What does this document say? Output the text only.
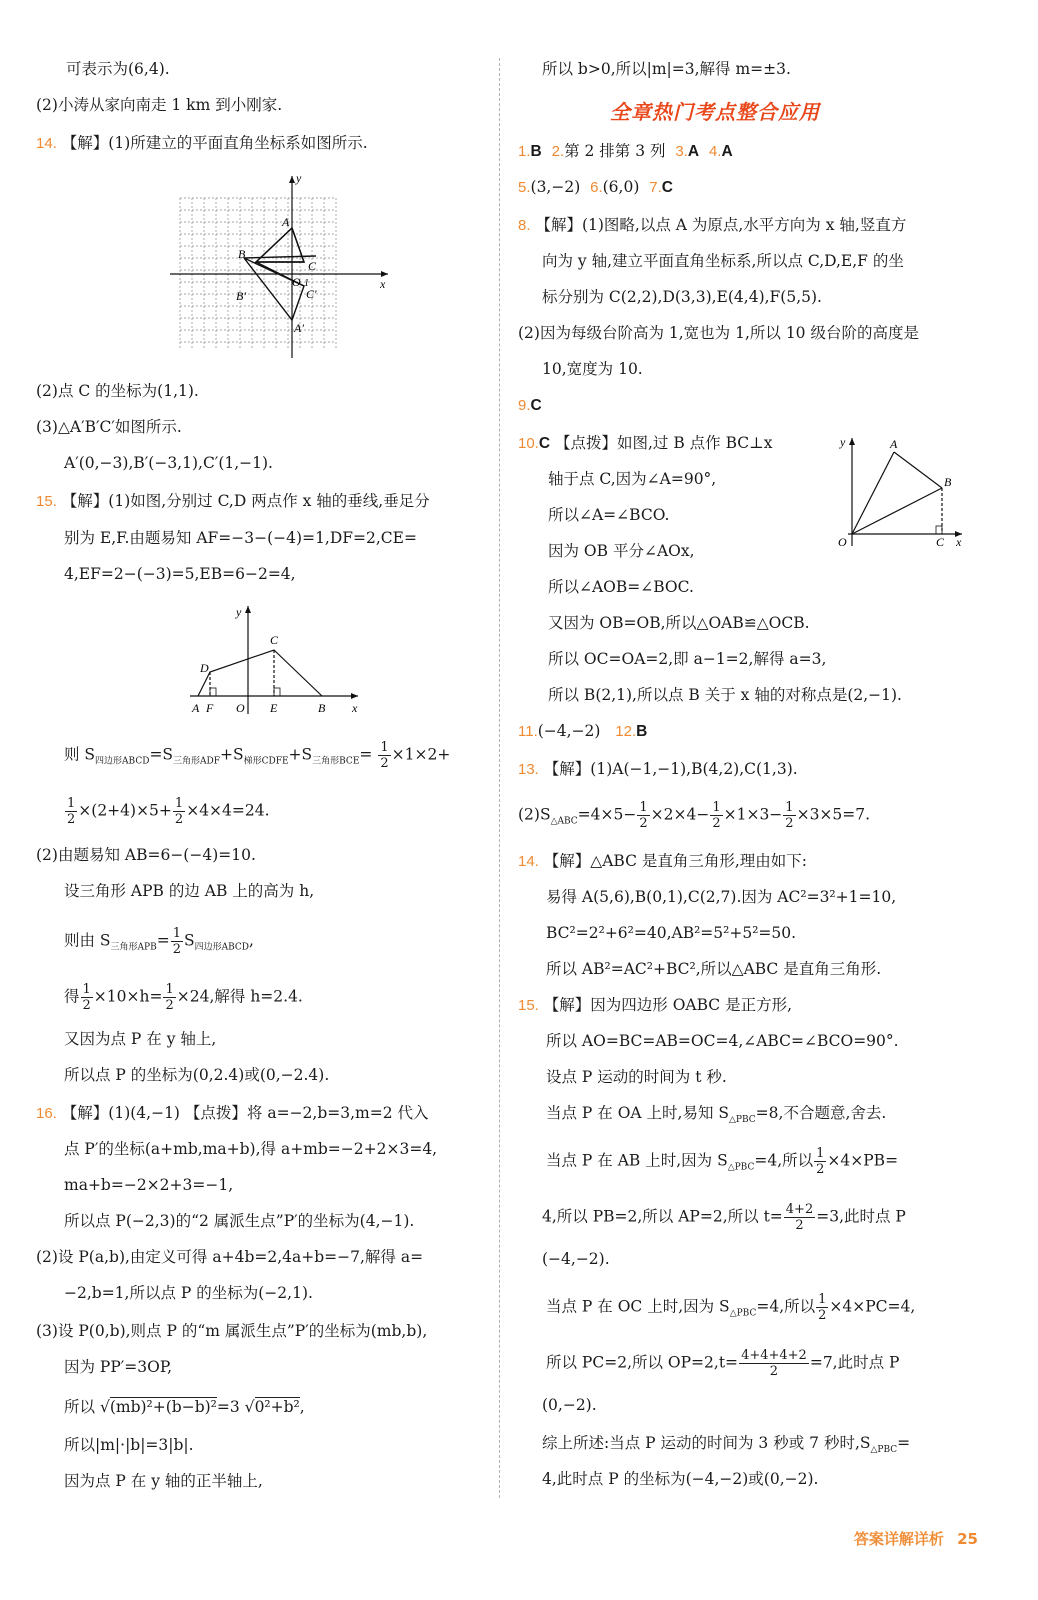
可表示为(6,4).
(2)小涛从家向南走 1 km 到小刚家.
14. 【解】(1)所建立的平面直角坐标系如图所示.
y
x
A
B
C
O
C′
B′
A′
1
(2)点 C 的坐标为(1,1).
(3)△A′B′C′如图所示.
A′(0,−3),B′(−3,1),C′(1,−1).
15. 【解】(1)如图,分别过 C,D 两点作 x 轴的垂线,垂足分
别为 E,F.由题易知 AF=−3−(−4)=1,DF=2,CE=
4,EF=2−(−3)=5,EB=6−2=4,
y
x
C
D
A F O E	B
则 $S_{四边形ABCD}=S_{三角形ADF}+S_{梯形CDFE}+S_{三角形BCE}= \frac{1}{2} \times 1\times 2+$
$\frac{1}{2} \times(2+4)\times 5+ \frac{1}{2} \times 4\times 4=24$.
(2)由题易知 AB=6−(−4)=10.
设三角形 APB 的边 AB 上的高为 h,
则由 $S_{三角形APB}= \frac{1}{2} S_{四边形ABCD}$,
得 $\frac{1}{2} \times 10\times h= \frac{1}{2} \times 24$,解得 h=2.4.
又因为点 P 在 y 轴上,
所以点 P 的坐标为(0,2.4)或(0,−2.4).
16. 【解】(1)(4,−1) 【点拨】将 a=−2,b=3,m=2 代入
点 P′的坐标(a+mb,ma+b),得 a+mb=−2+2×3=4,
ma+b=−2×2+3=−1,
所以点 P(−2,3)的“2 属派生点”P′的坐标为(4,−1).
(2)设 P(a,b),由定义可得 a+4b=2,4a+b=−7,解得 a=
−2,b=1,所以点 P 的坐标为(−2,1).
(3)设 P(0,b),则点 P 的“m 属派生点”P′的坐标为(mb,b),
因为 PP′=3OP,
所以 √(mb)²+(b−b)²=3 √0²+b²,
所以|m|·|b|=3|b|.
因为点 P 在 y 轴的正半轴上,
所以 b>0,所以|m|=3,解得 m=±3.
全章热门考点整合应用
1.B 2.第 2 排第 3 列 3.A 4.A
5.(3,−2) 6.(6,0) 7.C
8. 【解】(1)图略,以点 A 为原点,水平方向为 x 轴,竖直方
向为 y 轴,建立平面直角坐标系,所以点 C,D,E,F 的坐
标分别为 C(2,2),D(3,3),E(4,4),F(5,5).
(2)因为每级台阶高为 1,宽也为 1,所以 10 级台阶的高度是
10,宽度为 10.
9.C
10.C 【点拨】如图,过 B 点作 BC⊥x
轴于点 C,因为∠A=90°,
所以∠A=∠BCO.
因为 OB 平分∠AOx,
所以∠AOB=∠BOC.
又因为 OB=OB,所以△OAB≌△OCB.
所以 OC=OA=2,即 a−1=2,解得 a=3,
所以 B(2,1),所以点 B 关于 x 轴的对称点是(2,−1).
y
x
A
B
O	C
11.(−4,−2) 12.B
13. 【解】(1)A(−1,−1),B(4,2),C(1,3).
$(2)S_{\triangle ABC}=4\times 5- \frac{1}{2} \times 2\times 4- \frac{1}{2} \times 1\times 3- \frac{1}{2} \times 3\times 5=7$.
14. 【解】△ABC 是直角三角形,理由如下:
易得 A(5,6),B(0,1),C(2,7).因为 AC²=3²+1=10,
BC²=2²+6²=40,AB²=5²+5²=50.
所以 AB²=AC²+BC²,所以△ABC 是直角三角形.
15. 【解】因为四边形 OABC 是正方形,
所以 AO=BC=AB=OC=4,∠ABC=∠BCO=90°.
设点 P 运动的时间为 t 秒.
当点 P 在 OA 上时,易知 $S_{\triangle PBC}=8$,不合题意,舍去.
当点 P 在 AB 上时,因为 $S_{\triangle PBC}=4$,所以 $\frac{1}{2} \times 4\times PB=$
4,所以 PB=2,所以 AP=2,所以 $t= \frac{4+2}{2} =3$,此时点 P
(−4,−2).
当点 P 在 OC 上时,因为 $S_{\triangle PBC}=4$,所以 $\frac{1}{2} \times 4\times PC=4$,
所以 PC=2,所以 $OP=2,t= \frac{4+4+4+2}{2} =7$,此时点 P
(0,−2).
综上所述:当点 P 运动的时间为 3 秒或 7 秒时$,S_{\triangle PBC}=$
4,此时点 P 的坐标为(−4,−2)或(0,−2).
答案详解详析 25
